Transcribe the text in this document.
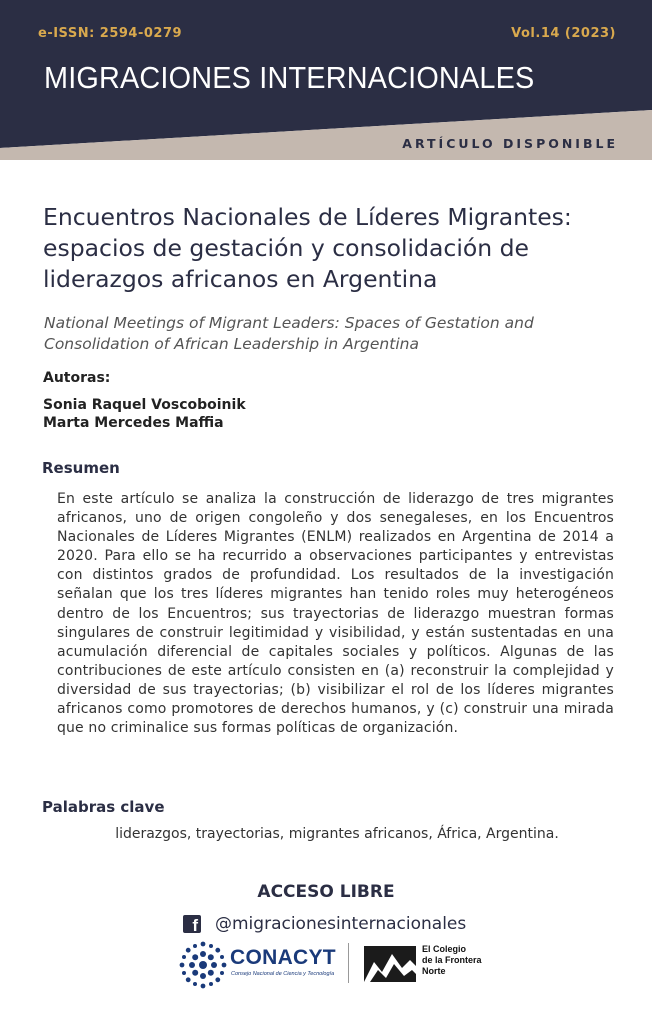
e-ISSN: 2594-0279	Vol.14 (2023)
MIGRACIONES INTERNACIONALES
ARTÍCULO DISPONIBLE
Encuentros Nacionales de Líderes Migrantes:
espacios de gestación y consolidación de
liderazgos africanos en Argentina
National Meetings of Migrant Leaders: Spaces of Gestation and
Consolidation of African Leadership in Argentina
Autoras:
Sonia Raquel Voscoboinik
Marta Mercedes Maffia
Resumen
En este artículo se analiza la construcción de liderazgo de tres migrantes africanos, uno de origen congoleño y dos senegaleses, en los Encuentros Nacionales de Líderes Migrantes (ENLM) realizados en Argentina de 2014 a 2020. Para ello se ha recurrido a observaciones participantes y entrevistas con distintos grados de profundidad. Los resultados de la investigación señalan que los tres líderes migrantes han tenido roles muy heterogéneos dentro de los Encuentros; sus trayectorias de liderazgo muestran formas singulares de construir legitimidad y visibilidad, y están sustentadas en una acumulación diferencial de capitales sociales y políticos. Algunas de las contribuciones de este artículo consisten en (a) reconstruir la complejidad y diversidad de sus trayectorias; (b) visibilizar el rol de los líderes migrantes africanos como promotores de derechos humanos, y (c) construir una mirada que no criminalice sus formas políticas de organización.
Palabras clave
liderazgos, trayectorias, migrantes africanos, África, Argentina.
ACCESO LIBRE
f @migracionesinternacionales
CONACYT
Consejo Nacional de Ciencia y Tecnología
El Colegio
de la Frontera
Norte
